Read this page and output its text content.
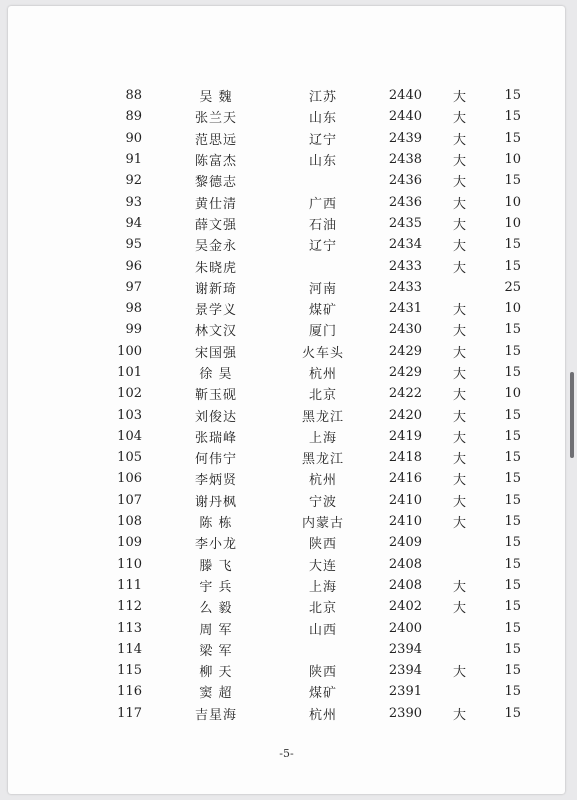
88	吴 魏	江苏	2440	大	15
89	张兰天	山东	2440	大	15
90	范思远	辽宁	2439	大	15
91	陈富杰	山东	2438	大	10
92	黎德志		2436	大	15
93	黄仕清	广西	2436	大	10
94	薛文强	石油	2435	大	10
95	吴金永	辽宁	2434	大	15
96	朱晓虎		2433	大	15
97	谢新琦	河南	2433		25
98	景学义	煤矿	2431	大	10
99	林文汉	厦门	2430	大	15
100	宋国强	火车头	2429	大	15
101	徐 昊	杭州	2429	大	15
102	靳玉砚	北京	2422	大	10
103	刘俊达	黑龙江	2420	大	15
104	张瑞峰	上海	2419	大	15
105	何伟宁	黑龙江	2418	大	15
106	李炳贤	杭州	2416	大	15
107	谢丹枫	宁波	2410	大	15
108	陈 栋	内蒙古	2410	大	15
109	李小龙	陕西	2409		15
110	滕 飞	大连	2408		15
111	宇 兵	上海	2408	大	15
112	么 毅	北京	2402	大	15
113	周 军	山西	2400		15
114	梁 军		2394		15
115	柳 天	陕西	2394	大	15
116	窦 超	煤矿	2391		15
117	吉星海	杭州	2390	大	15
-5-
